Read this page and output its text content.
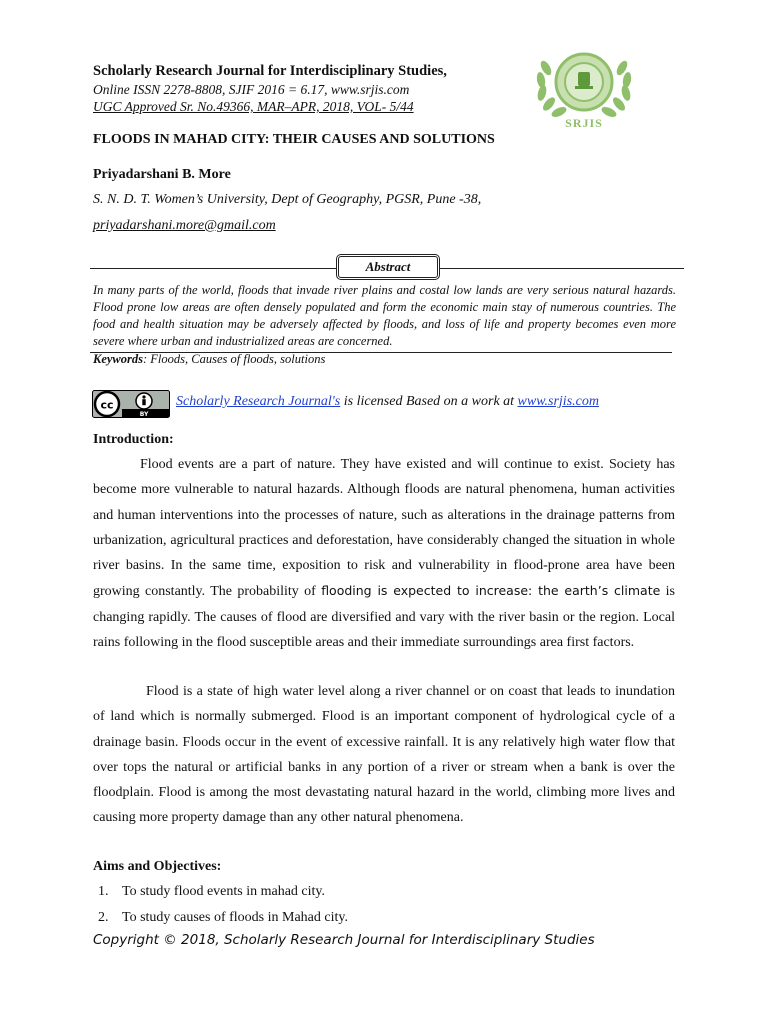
Scholarly Research Journal for Interdisciplinary Studies,
Online ISSN 2278-8808, SJIF 2016 = 6.17, www.srjis.com
UGC Approved Sr. No.49366, MAR–APR, 2018, VOL- 5/44
SRJIS
FLOODS IN MAHAD CITY: THEIR CAUSES AND SOLUTIONS
Priyadarshani B. More
S. N. D. T. Women’s University, Dept of Geography, PGSR, Pune -38,
priyadarshani.more@gmail.com
Abstract

In many parts of the world, floods that invade river plains and costal low lands are very serious natural hazards. Flood prone low areas are often densely populated and form the economic main stay of numerous countries. The food and health situation may be adversely affected by floods, and loss of life and property becomes even more severe where urban and industrialized areas are concerned.

Keywords: Floods, Causes of floods, solutions
cc
BY
Scholarly Research Journal's is licensed Based on a work at www.srjis.com
Introduction:

Flood events are a part of nature. They have existed and will continue to exist. Society has become more vulnerable to natural hazards. Although floods are natural phenomena, human activities and human interventions into the processes of nature, such as alterations in the drainage patterns from urbanization, agricultural practices and deforestation, have considerably changed the situation in whole river basins. In the same time, exposition to risk and vulnerability in flood-prone area have been growing constantly. The probability of flooding is expected to increase: the earth’s climate is changing rapidly. The causes of flood are diversified and vary with the river basin or the region. Local rains following in the flood susceptible areas and their immediate surroundings area first factors.

Flood is a state of high water level along a river channel or on coast that leads to inundation of land which is normally submerged. Flood is an important component of hydrological cycle of a drainage basin. Floods occur in the event of excessive rainfall. It is any relatively high water flow that over tops the natural or artificial banks in any portion of a river or stream when a bank is over the floodplain. Flood is among the most devastating natural hazard in the world, climbing more lives and causing more property damage than any other natural phenomena.

Aims and Objectives:
1. To study flood events in mahad city.
2. To study causes of floods in Mahad city.
Copyright © 2018, Scholarly Research Journal for Interdisciplinary Studies
